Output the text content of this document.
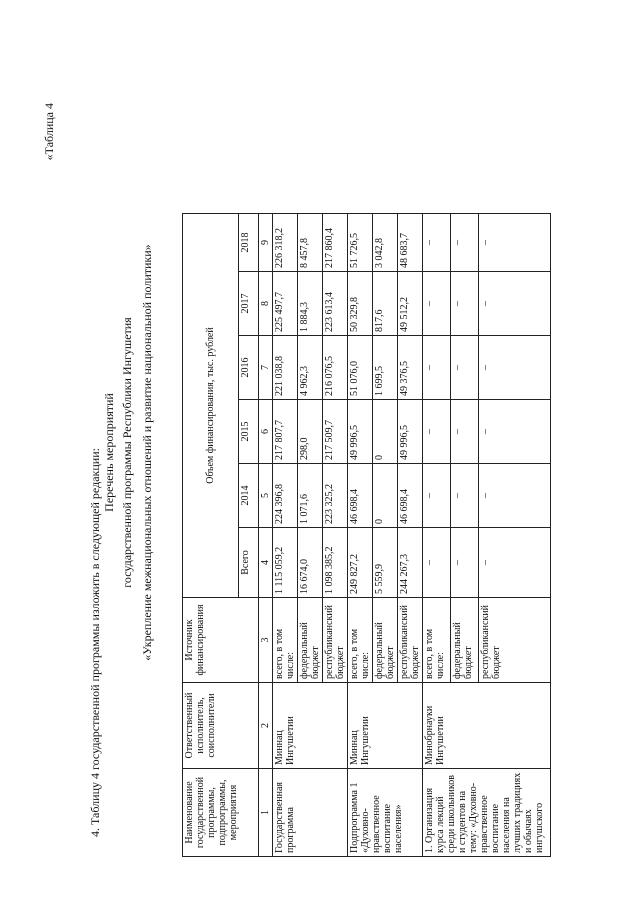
4. Таблицу 4 государственной программы изложить в следующей редакции:
«Таблица 4
Перечень мероприятий государственной программы Республики Ингушетия «Укрепление межнациональных отношений и развитие национальной политики»
Наименование государственной программы, подпрограммы, мероприятия	Ответственный исполнитель, соисполнители	Источник финансирования	Объем финансирования, тыс. рублей					
			Всего	2014	2015	2016	2017	2018
1	2	3	4	5	6	7	8	9
Государственная программа	Миннац Ингушетии	всего, в том числе:	1 115 059,2	224 396,8	217 807,7	221 038,8	225 497,7	226 318,2
		федеральный бюджет	16 674,0	1 071,6	298,0	4 962,3	1 884,3	8 457,8
		республиканский бюджет	1 098 385,2	223 325,2	217 509,7	216 076,5	223 613,4	217 860,4
Подпрограмма 1 «Духовно-нравственное воспитание населения»	Миннац Ингушетии	всего, в том числе:	249 827,2	46 698,4	49 996,5	51 076,0	50 329,8	51 726,5
		федеральный бюджет	5 559,9	0	0	1 699,5	817,6	3 042,8
		республиканский бюджет	244 267,3	46 698,4	49 996,5	49 376,5	49 512,2	48 683,7
1. Организация курса лекций среди школьников и студентов на тему: «Духовно-нравственное воспитание населения на лучших традициях и обычаях ингушского	Минобрнауки Ингушетии	всего, в том числе:	–	–	–	–	–	–
		федеральный бюджет	–	–	–	–	–	–
		республиканский бюджет	–	–	–	–	–	–
